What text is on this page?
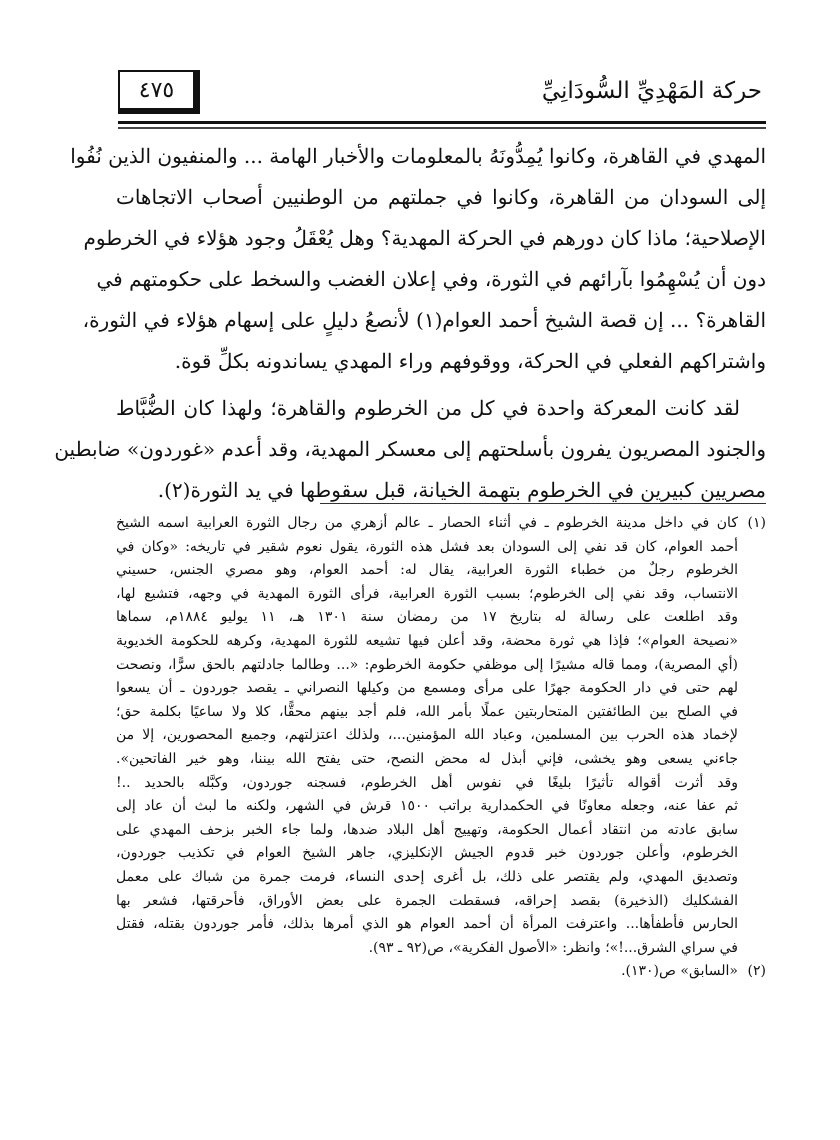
٤٧٥	حركة المَهْدِيِّ السُّودَانِيِّ
المهدي في القاهرة، وكانوا يُمِدُّونَهُ بالمعلومات والأخبار الهامة ... والمنفيون الذين نُفُوا
إلى السودان من القاهرة، وكانوا في جملتهم من الوطنيين أصحاب الاتجاهات
الإصلاحية؛ ماذا كان دورهم في الحركة المهدية؟ وهل يُعْقَلُ وجود هؤلاء في الخرطوم
دون أن يُسْهِمُوا بآرائهم في الثورة، وفي إعلان الغضب والسخط على حكومتهم في
القاهرة؟ ... إن قصة الشيخ أحمد العوام(١) لأنصعُ دليلٍ على إسهام هؤلاء في الثورة،
واشتراكهم الفعلي في الحركة، ووقوفهم وراء المهدي يساندونه بكلِّ قوة.
لقد كانت المعركة واحدة في كل من الخرطوم والقاهرة؛ ولهذا كان الضُّبَّاط
والجنود المصريون يفرون بأسلحتهم إلى معسكر المهدية، وقد أعدم «غوردون» ضابطين
مصريين كبيرين في الخرطوم بتهمة الخيانة، قبل سقوطها في يد الثورة(٢).
(١)
كان في داخل مدينة الخرطوم ـ في أثناء الحصار ـ عالم أزهري من رجال الثورة العرابية اسمه الشيخ
أحمد العوام، كان قد نفي إلى السودان بعد فشل هذه الثورة، يقول نعوم شقير في تاريخه: «وكان في
الخرطوم رجلٌ من خطباء الثورة العرابية، يقال له: أحمد العوام، وهو مصري الجنس، حسيني
الانتساب، وقد نفي إلى الخرطوم؛ بسبب الثورة العرابية، فرأى الثورة المهدية في وجهه، فتشيع لها،
وقد اطلعت على رسالة له بتاريخ ١٧ من رمضان سنة ١٣٠١ هـ، ١١ يوليو ١٨٨٤م، سماها
«نصيحة العوام»؛ فإذا هي ثورة محضة، وقد أعلن فيها تشيعه للثورة المهدية، وكرهه للحكومة الخديوية
(أي المصرية)، ومما قاله مشيرًا إلى موظفي حكومة الخرطوم: «... وطالما جادلتهم بالحق سرًّا، ونصحت
لهم حتى في دار الحكومة جهرًا على مرأى ومسمع من وكيلها النصراني ـ يقصد جوردون ـ أن يسعوا
في الصلح بين الطائفتين المتحاربتين عملًا بأمر الله، فلم أجد بينهم محقًّا، كلا ولا ساعيًا بكلمة حق؛
لإخماد هذه الحرب بين المسلمين، وعباد الله المؤمنين...، ولذلك اعتزلتهم، وجميع المحصورين، إلا من
جاءني يسعى وهو يخشى، فإني أبذل له محض النصح، حتى يفتح الله بيننا، وهو خير الفاتحين».
وقد أثرت أقواله تأثيرًا بليغًا في نفوس أهل الخرطوم، فسجنه جوردون، وكبَّله بالحديد ..!
ثم عفا عنه، وجعله معاونًا في الحكمدارية براتب ١٥٠٠ قرش في الشهر، ولكنه ما لبث أن عاد إلى
سابق عادته من انتقاد أعمال الحكومة، وتهييج أهل البلاد ضدها، ولما جاء الخبر بزحف المهدي على
الخرطوم، وأعلن جوردون خبر قدوم الجيش الإنكليزي، جاهر الشيخ العوام في تكذيب جوردون،
وتصديق المهدي، ولم يقتصر على ذلك، بل أغرى إحدى النساء، فرمت جمرة من شباك على معمل
الفشكليك (الذخيرة) بقصد إحراقه، فسقطت الجمرة على بعض الأوراق، فأحرقتها، فشعر بها
الحارس فأطفأها... واعترفت المرأة أن أحمد العوام هو الذي أمرها بذلك، فأمر جوردون بقتله، فقتل
في سراي الشرق...!»؛ وانظر: «الأصول الفكرية»، ص(٩٢ ـ ٩٣).
(٢)
«السابق» ص(١٣٠).
